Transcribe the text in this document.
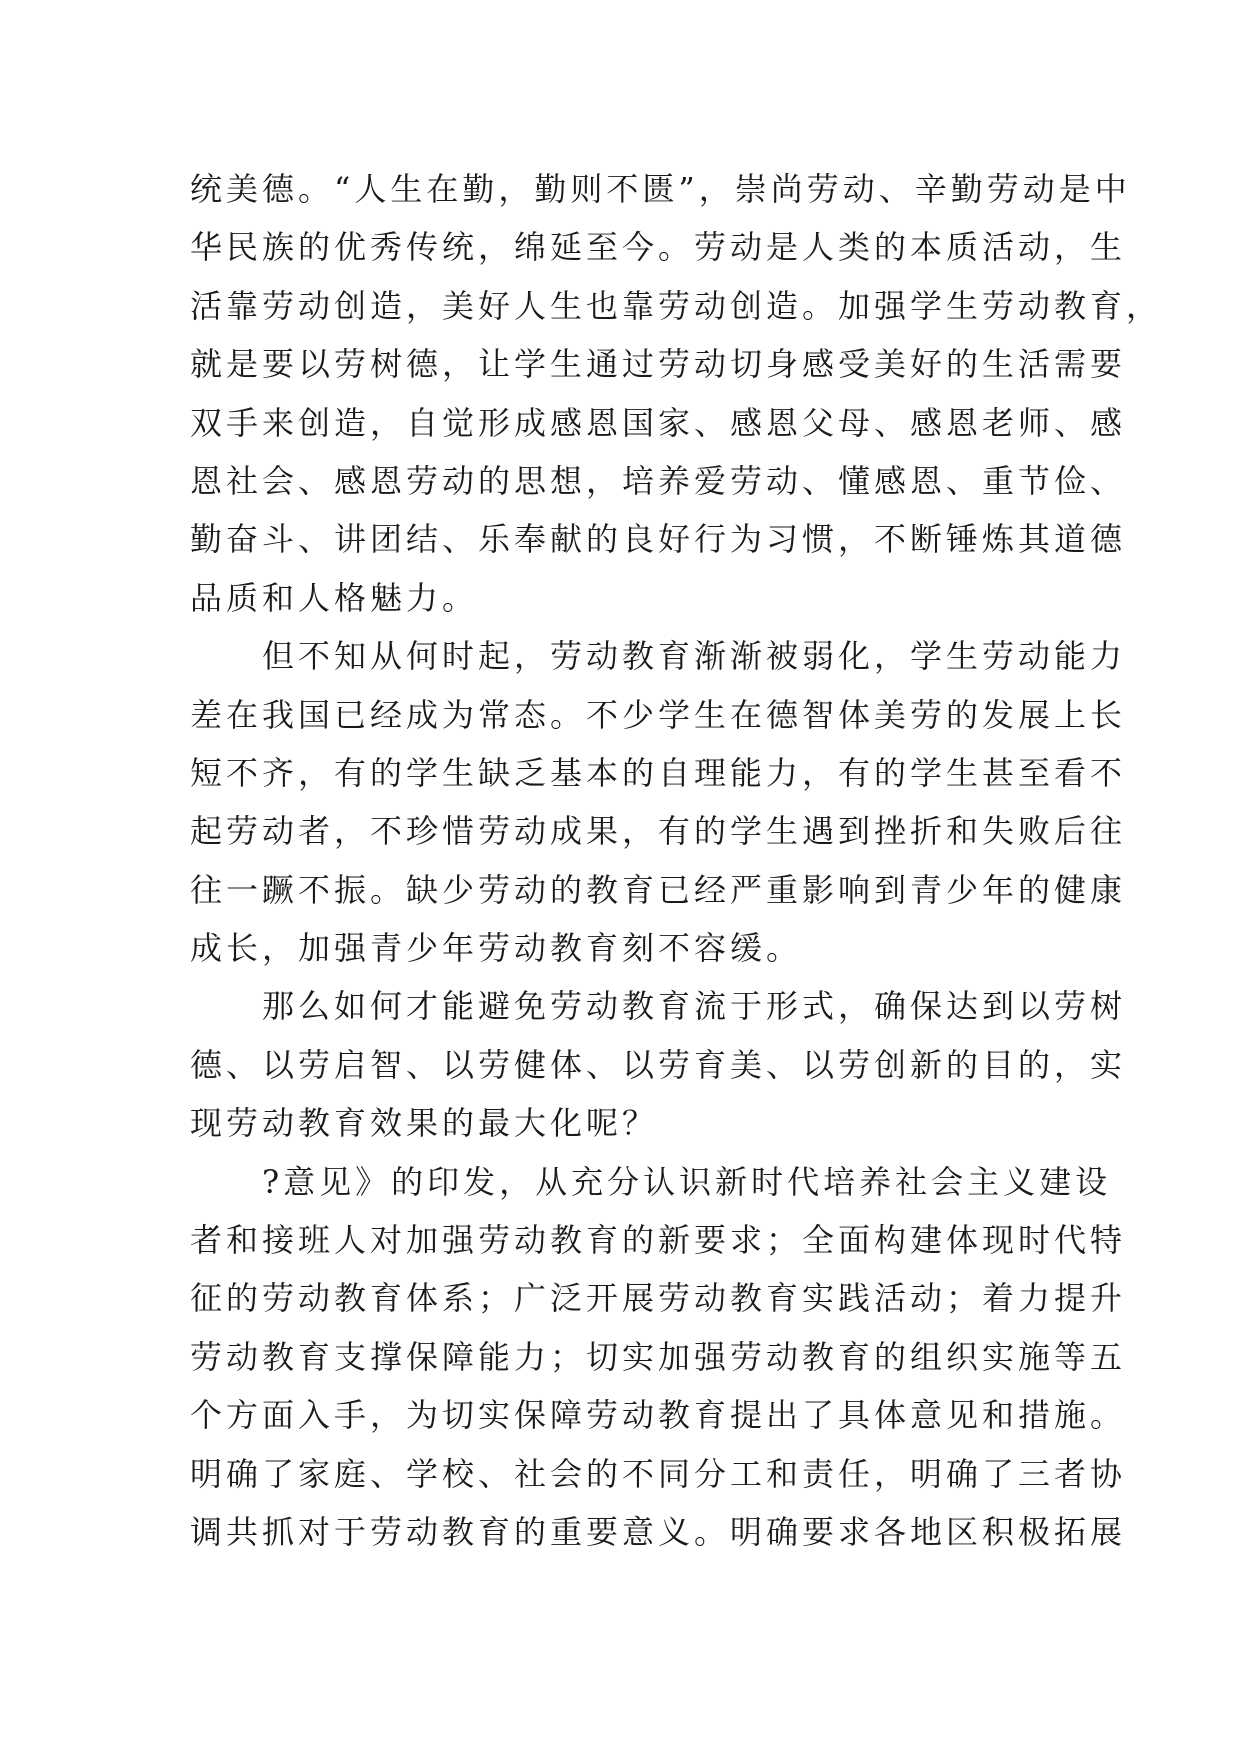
统美德。“人生在勤，勤则不匮”，崇尚劳动、辛勤劳动是中
华民族的优秀传统，绵延至今。劳动是人类的本质活动，生
活靠劳动创造，美好人生也靠劳动创造。加强学生劳动教育，
就是要以劳树德，让学生通过劳动切身感受美好的生活需要
双手来创造，自觉形成感恩国家、感恩父母、感恩老师、感
恩社会、感恩劳动的思想，培养爱劳动、懂感恩、重节俭、
勤奋斗、讲团结、乐奉献的良好行为习惯，不断锤炼其道德
品质和人格魅力。
　　但不知从何时起，劳动教育渐渐被弱化，学生劳动能力
差在我国已经成为常态。不少学生在德智体美劳的发展上长
短不齐，有的学生缺乏基本的自理能力，有的学生甚至看不
起劳动者，不珍惜劳动成果，有的学生遇到挫折和失败后往
往一蹶不振。缺少劳动的教育已经严重影响到青少年的健康
成长，加强青少年劳动教育刻不容缓。
　　那么如何才能避免劳动教育流于形式，确保达到以劳树
德、以劳启智、以劳健体、以劳育美、以劳创新的目的，实
现劳动教育效果的最大化呢？
　　?意见》的印发，从充分认识新时代培养社会主义建设
者和接班人对加强劳动教育的新要求；全面构建体现时代特
征的劳动教育体系；广泛开展劳动教育实践活动；着力提升
劳动教育支撑保障能力；切实加强劳动教育的组织实施等五
个方面入手，为切实保障劳动教育提出了具体意见和措施。
明确了家庭、学校、社会的不同分工和责任，明确了三者协
调共抓对于劳动教育的重要意义。明确要求各地区积极拓展
